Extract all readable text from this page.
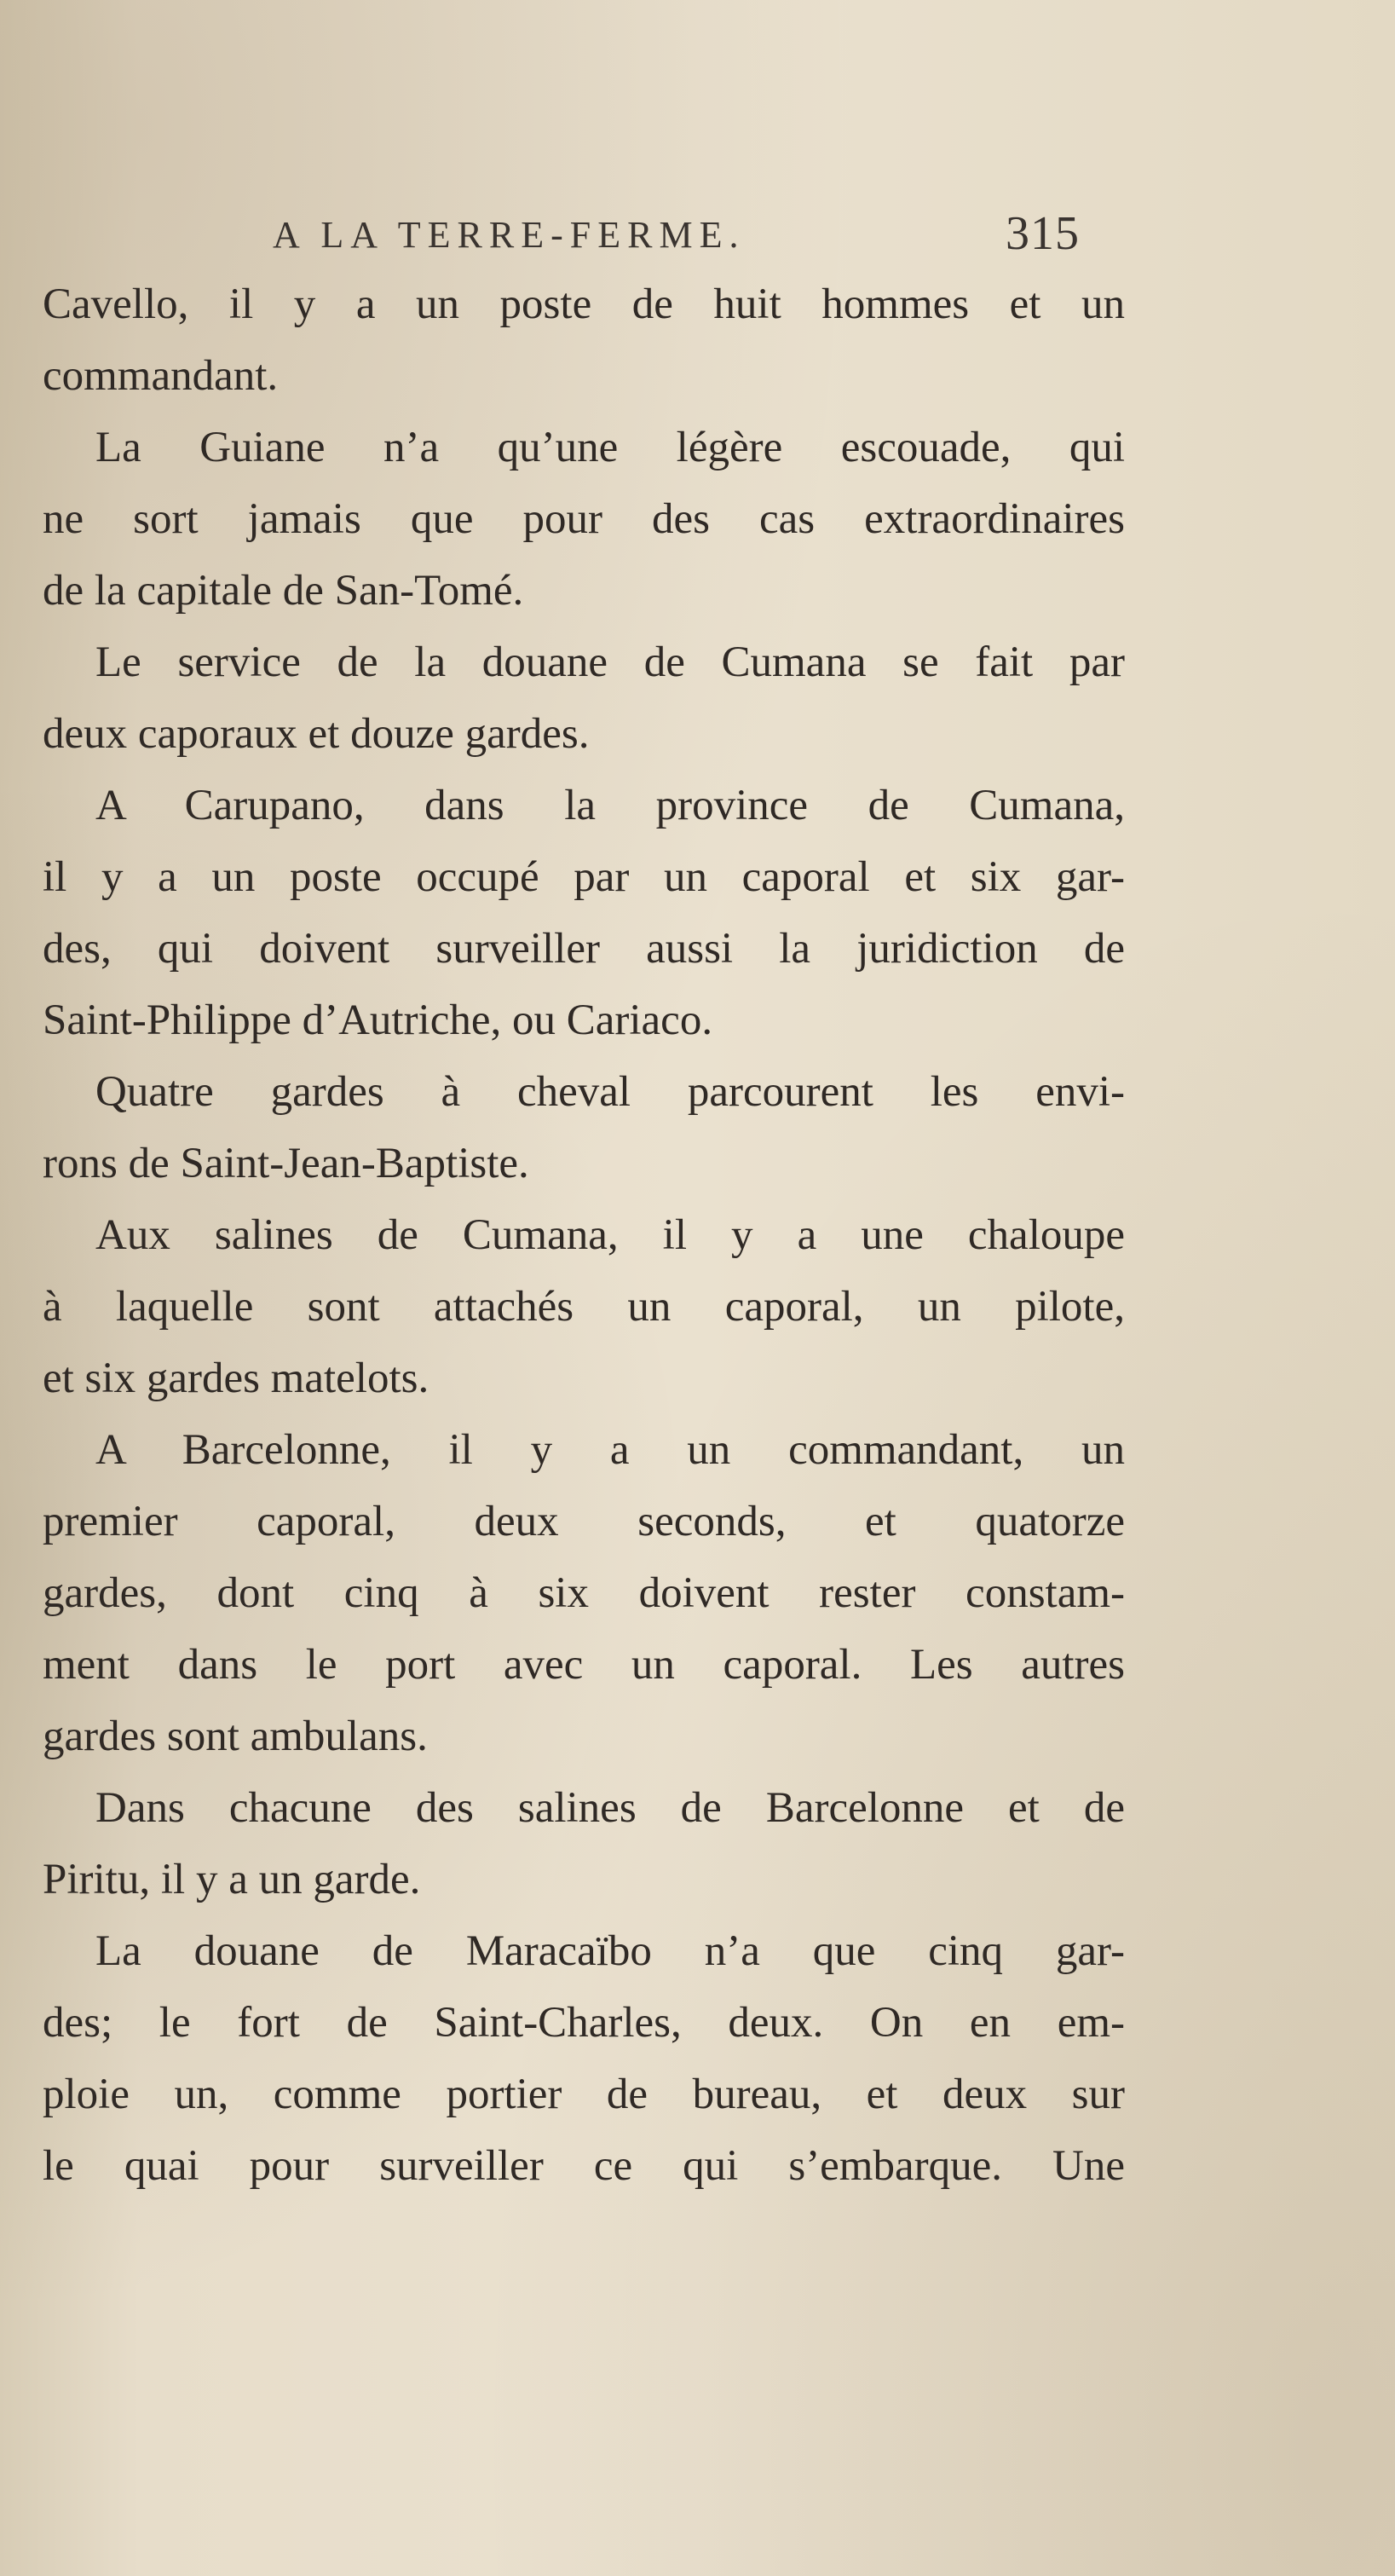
A LA TERRE-FERME.	315
Cavello, il y a un poste de huit hommes et un
commandant.
La Guiane n’a qu’une légère escouade, qui
ne sort jamais que pour des cas extraordinaires
de la capitale de San-Tomé.
Le service de la douane de Cumana se fait par
deux caporaux et douze gardes.
A Carupano, dans la province de Cumana,
il y a un poste occupé par un caporal et six gar-
des, qui doivent surveiller aussi la juridiction de
Saint-Philippe d’Autriche, ou Cariaco.
Quatre gardes à cheval parcourent les envi-
rons de Saint-Jean-Baptiste.
Aux salines de Cumana, il y a une chaloupe
à laquelle sont attachés un caporal, un pilote,
et six gardes matelots.
A Barcelonne, il y a un commandant, un
premier caporal, deux seconds, et quatorze
gardes, dont cinq à six doivent rester constam-
ment dans le port avec un caporal. Les autres
gardes sont ambulans.
Dans chacune des salines de Barcelonne et de
Piritu, il y a un garde.
La douane de Maracaïbo n’a que cinq gar-
des; le fort de Saint-Charles, deux. On en em-
ploie un, comme portier de bureau, et deux sur
le quai pour surveiller ce qui s’embarque. Une
